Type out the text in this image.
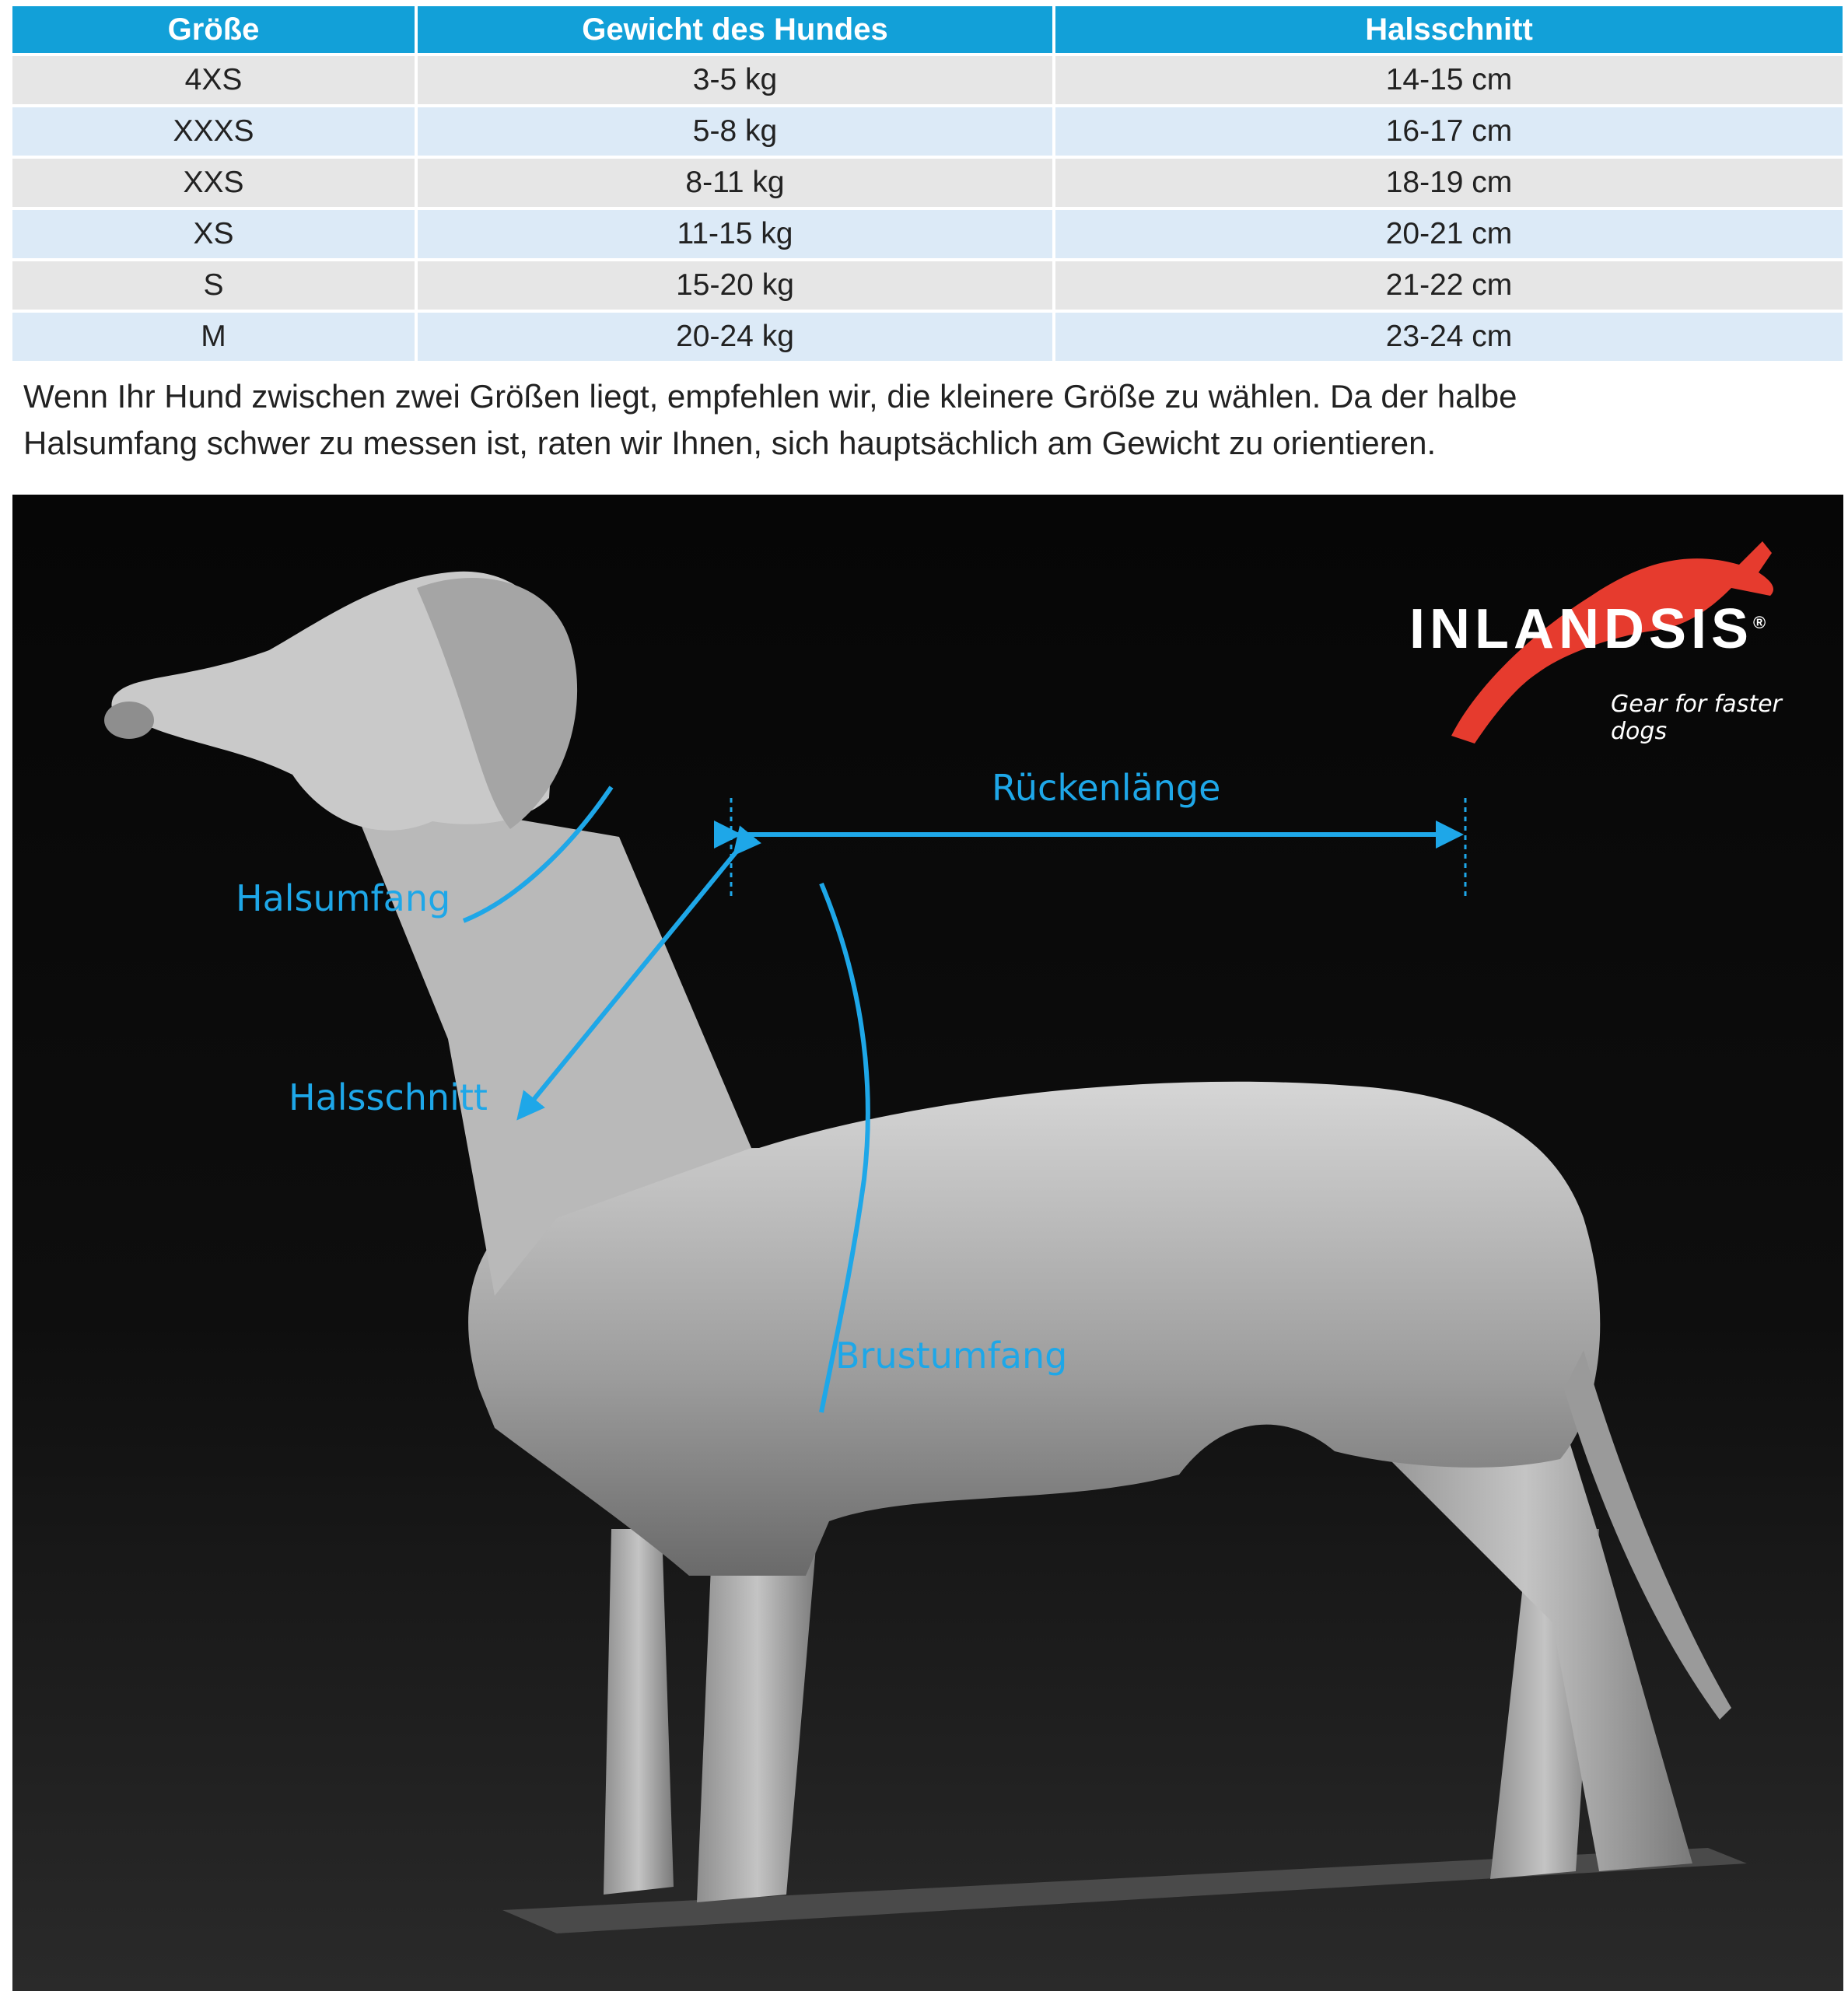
Größe	Gewicht des Hundes	Halsschnitt
4XS	3-5 kg	14-15 cm
XXXS	5-8 kg	16-17 cm
XXS	8-11 kg	18-19 cm
XS	11-15 kg	20-21 cm
S	15-20 kg	21-22 cm
M	20-24 kg	23-24 cm

Wenn Ihr Hund zwischen zwei Größen liegt, empfehlen wir, die kleinere Größe zu wählen. Da der halbe
Halsumfang schwer zu messen ist, raten wir Ihnen, sich hauptsächlich am Gewicht zu orientieren.

INLANDSIS®
Gear for faster dogs
Rückenlänge
Halsumfang
Halsschnitt
Brustumfang
